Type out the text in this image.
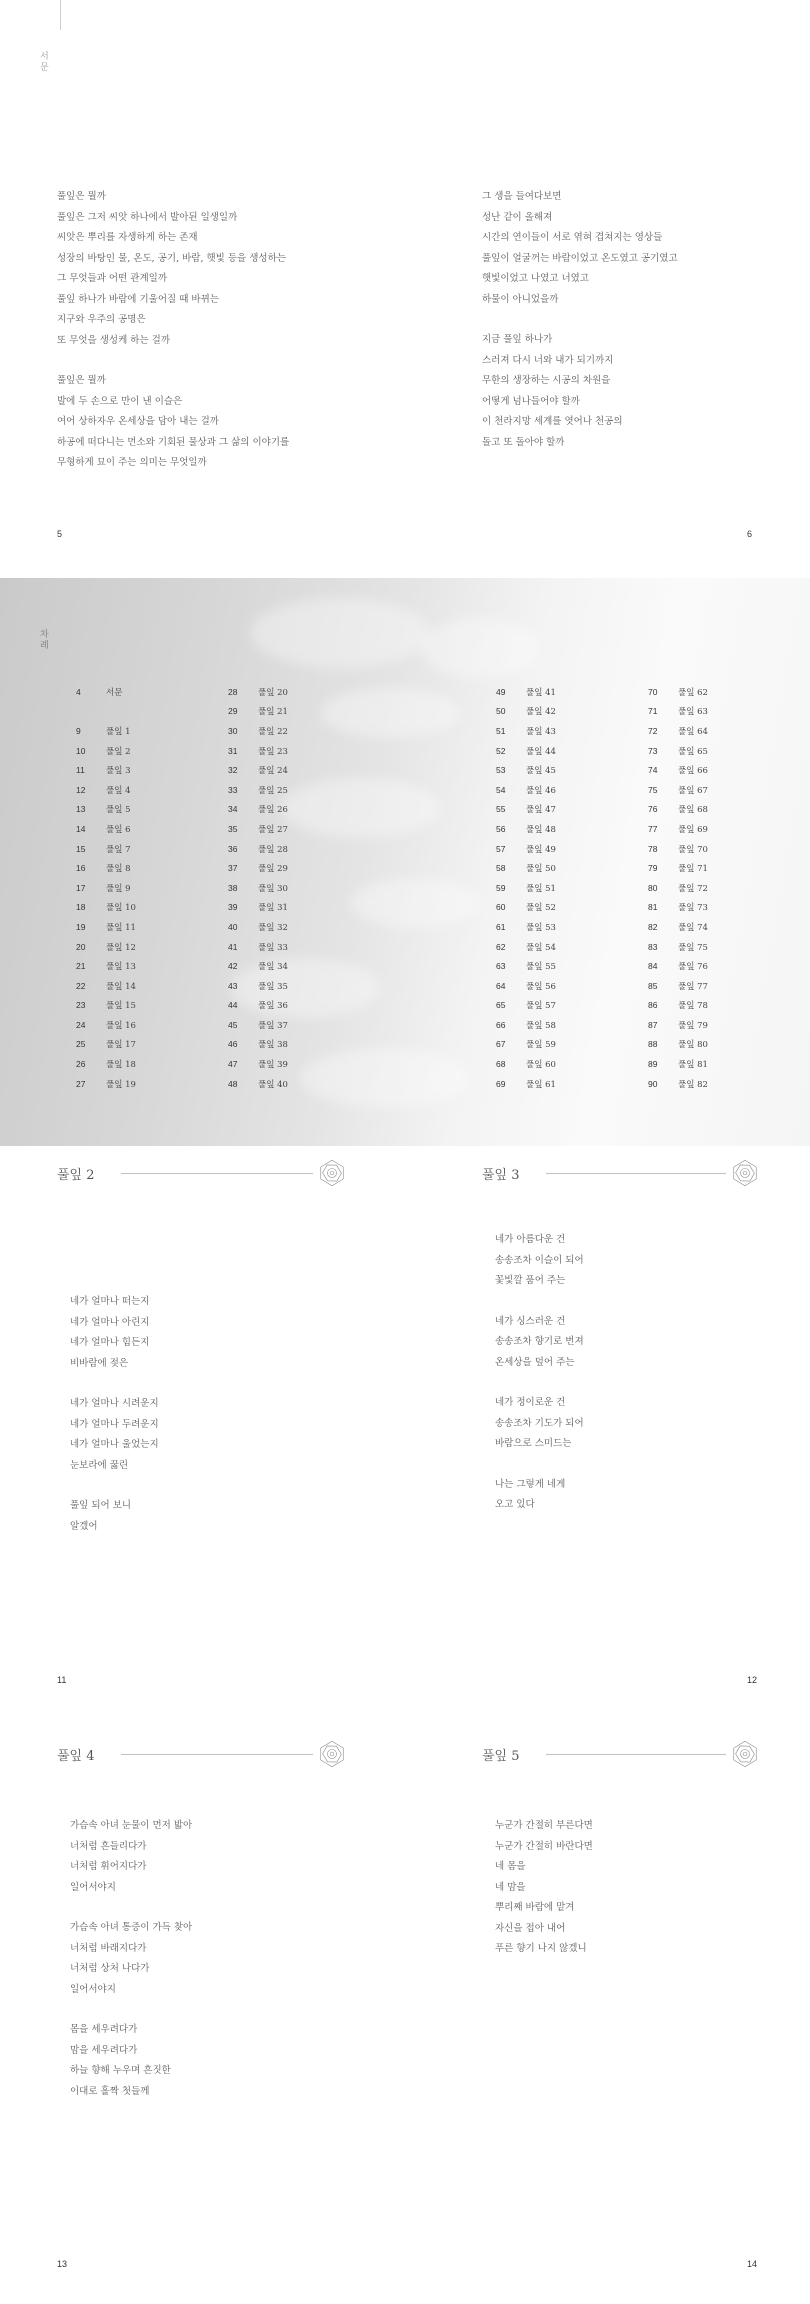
서문
풀잎은 뭘까
풀잎은 그저 씨앗 하나에서 발아된 일생일까
씨앗은 뿌리를 자생하게 하는 존재
성장의 바탕인 물, 온도, 공기, 바람, 햇빛 등을 생성하는
그 무엇들과 어떤 관계일까
풀잎 하나가 바람에 기울어질 때 바뀌는
지구와 우주의 공명은
또 무엇을 생성케 하는 걸까
풀잎은 뭘까
발에 두 손으로 만이 낸 이슬은
여어 상하자우 온세상을 담아 내는 걸까
하공에 떠다니는 먼소와 기회된 물상과 그 삶의 이야기를
무형하게 묘이 주는 의미는 무엇일까
그 생을 들여다보면
성난 같이 올해져
시간의 연이들이 서로 엮혀 겹쳐지는 영상들
풀잎이 얼굴꺼는 바람이었고 온도였고 공기였고
햇빛이었고 나였고 너였고
하물이 아니었을까
지금 풀잎 하나가
스러져 다시 너와 내가 되기까지
무한의 생장하는 시공의 차원을
어떻게 넘나들어야 할까
이 천라지망 세계를 엿어나 천공의
돌고 또 돌아야 할까
5	6
차례
4	서문
9	풀잎 1
10	풀잎 2
11	풀잎 3
12	풀잎 4
13	풀잎 5
14	풀잎 6
15	풀잎 7
16	풀잎 8
17	풀잎 9
18	풀잎 10
19	풀잎 11
20	풀잎 12
21	풀잎 13
22	풀잎 14
23	풀잎 15
24	풀잎 16
25	풀잎 17
26	풀잎 18
27	풀잎 19
28	풀잎 20
29	풀잎 21
30	풀잎 22
31	풀잎 23
32	풀잎 24
33	풀잎 25
34	풀잎 26
35	풀잎 27
36	풀잎 28
37	풀잎 29
38	풀잎 30
39	풀잎 31
40	풀잎 32
41	풀잎 33
42	풀잎 34
43	풀잎 35
44	풀잎 36
45	풀잎 37
46	풀잎 38
47	풀잎 39
48	풀잎 40
49	풀잎 41
50	풀잎 42
51	풀잎 43
52	풀잎 44
53	풀잎 45
54	풀잎 46
55	풀잎 47
56	풀잎 48
57	풀잎 49
58	풀잎 50
59	풀잎 51
60	풀잎 52
61	풀잎 53
62	풀잎 54
63	풀잎 55
64	풀잎 56
65	풀잎 57
66	풀잎 58
67	풀잎 59
68	풀잎 60
69	풀잎 61
70	풀잎 62
71	풀잎 63
72	풀잎 64
73	풀잎 65
74	풀잎 66
75	풀잎 67
76	풀잎 68
77	풀잎 69
78	풀잎 70
79	풀잎 71
80	풀잎 72
81	풀잎 73
82	풀잎 74
83	풀잎 75
84	풀잎 76
85	풀잎 77
86	풀잎 78
87	풀잎 79
88	풀잎 80
89	풀잎 81
90	풀잎 82
풀잎 2
네가 얼마나 떠는지
네가 얼마나 아린지
네가 얼마나 힘든지
비바람에 젖은
네가 얼마나 시려운지
네가 얼마나 두려운지
네가 얼마나 울었는지
눈보라에 꿇린
풀잎 되어 보니
알겠어
11
풀잎 3
네가 아름다운 건
송송조차 이슬이 되어
꽃빛깔 품어 주는
네가 싱스러운 건
송송조차 향기로 번져
온세상을 덮어 주는
네가 정이로운 건
송송조차 기도가 되어
바람으로 스미드는
나는 그렇게 네게
오고 있다
12
풀잎 4
가슴속 아녀 눈물이 먼저 밟아
너처럼 흔들리다가
너처럼 휘어지다가
일어서야지
가슴속 아녀 통증이 가득 찾아
너처럼 바래지다가
너처럼 상처 나다가
일어서야지
몸을 세우려다가
맘을 세우려다가
하늘 향해 누우며 흔짓한
이대로 홀짝 첫들께
13
풀잎 5
누군가 간절히 부른다면
누군가 간절히 바란다면
네 몸을
네 맘을
뿌리째 바람에 맡겨
자신을 접아 내어
푸른 향기 나지 않겠니
14
